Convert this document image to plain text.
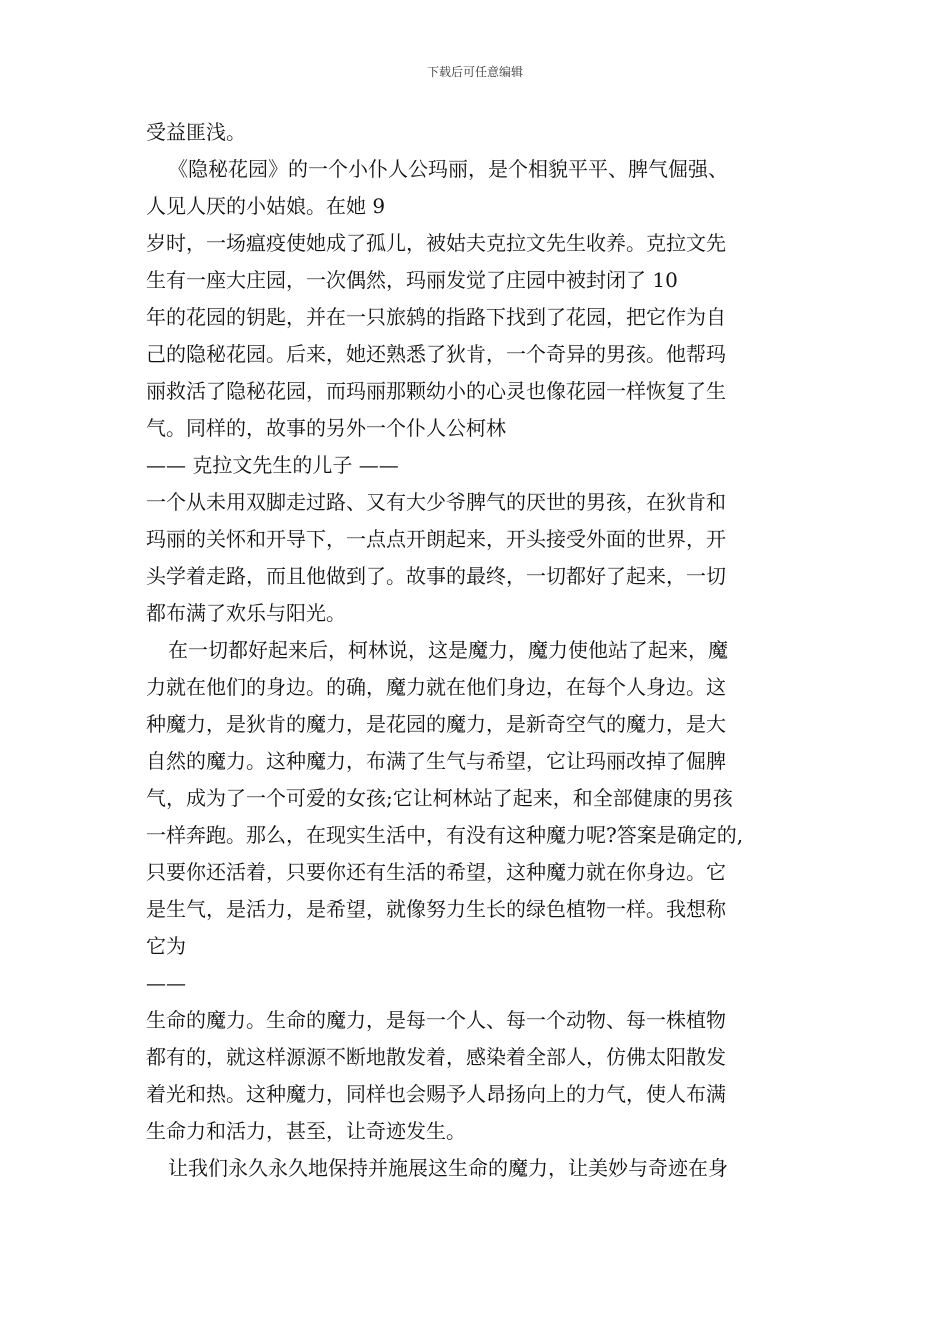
下载后可任意编辑
受益匪浅。
《隐秘花园》的一个小仆人公玛丽，是个相貌平平、脾气倔强、
人见人厌的小姑娘。在她 9
岁时，一场瘟疫使她成了孤儿，被姑夫克拉文先生收养。克拉文先
生有一座大庄园，一次偶然，玛丽发觉了庄园中被封闭了 10
年的花园的钥匙，并在一只旅鸫的指路下找到了花园，把它作为自
己的隐秘花园。后来，她还熟悉了狄肯，一个奇异的男孩。他帮玛
丽救活了隐秘花园，而玛丽那颗幼小的心灵也像花园一样恢复了生
气。同样的，故事的另外一个仆人公柯林
—— 克拉文先生的儿子 ——
一个从未用双脚走过路、又有大少爷脾气的厌世的男孩，在狄肯和
玛丽的关怀和开导下，一点点开朗起来，开头接受外面的世界，开
头学着走路，而且他做到了。故事的最终，一切都好了起来，一切
都布满了欢乐与阳光。
在一切都好起来后，柯林说，这是魔力，魔力使他站了起来，魔
力就在他们的身边。的确，魔力就在他们身边，在每个人身边。这
种魔力，是狄肯的魔力，是花园的魔力，是新奇空气的魔力，是大
自然的魔力。这种魔力，布满了生气与希望，它让玛丽改掉了倔脾
气，成为了一个可爱的女孩;它让柯林站了起来，和全部健康的男孩
一样奔跑。那么，在现实生活中，有没有这种魔力呢?答案是确定的,
只要你还活着，只要你还有生活的希望，这种魔力就在你身边。它
是生气，是活力，是希望，就像努力生长的绿色植物一样。我想称
它为
——
生命的魔力。生命的魔力，是每一个人、每一个动物、每一株植物
都有的，就这样源源不断地散发着，感染着全部人，仿佛太阳散发
着光和热。这种魔力，同样也会赐予人昂扬向上的力气，使人布满
生命力和活力，甚至，让奇迹发生。
让我们永久永久地保持并施展这生命的魔力，让美妙与奇迹在身
